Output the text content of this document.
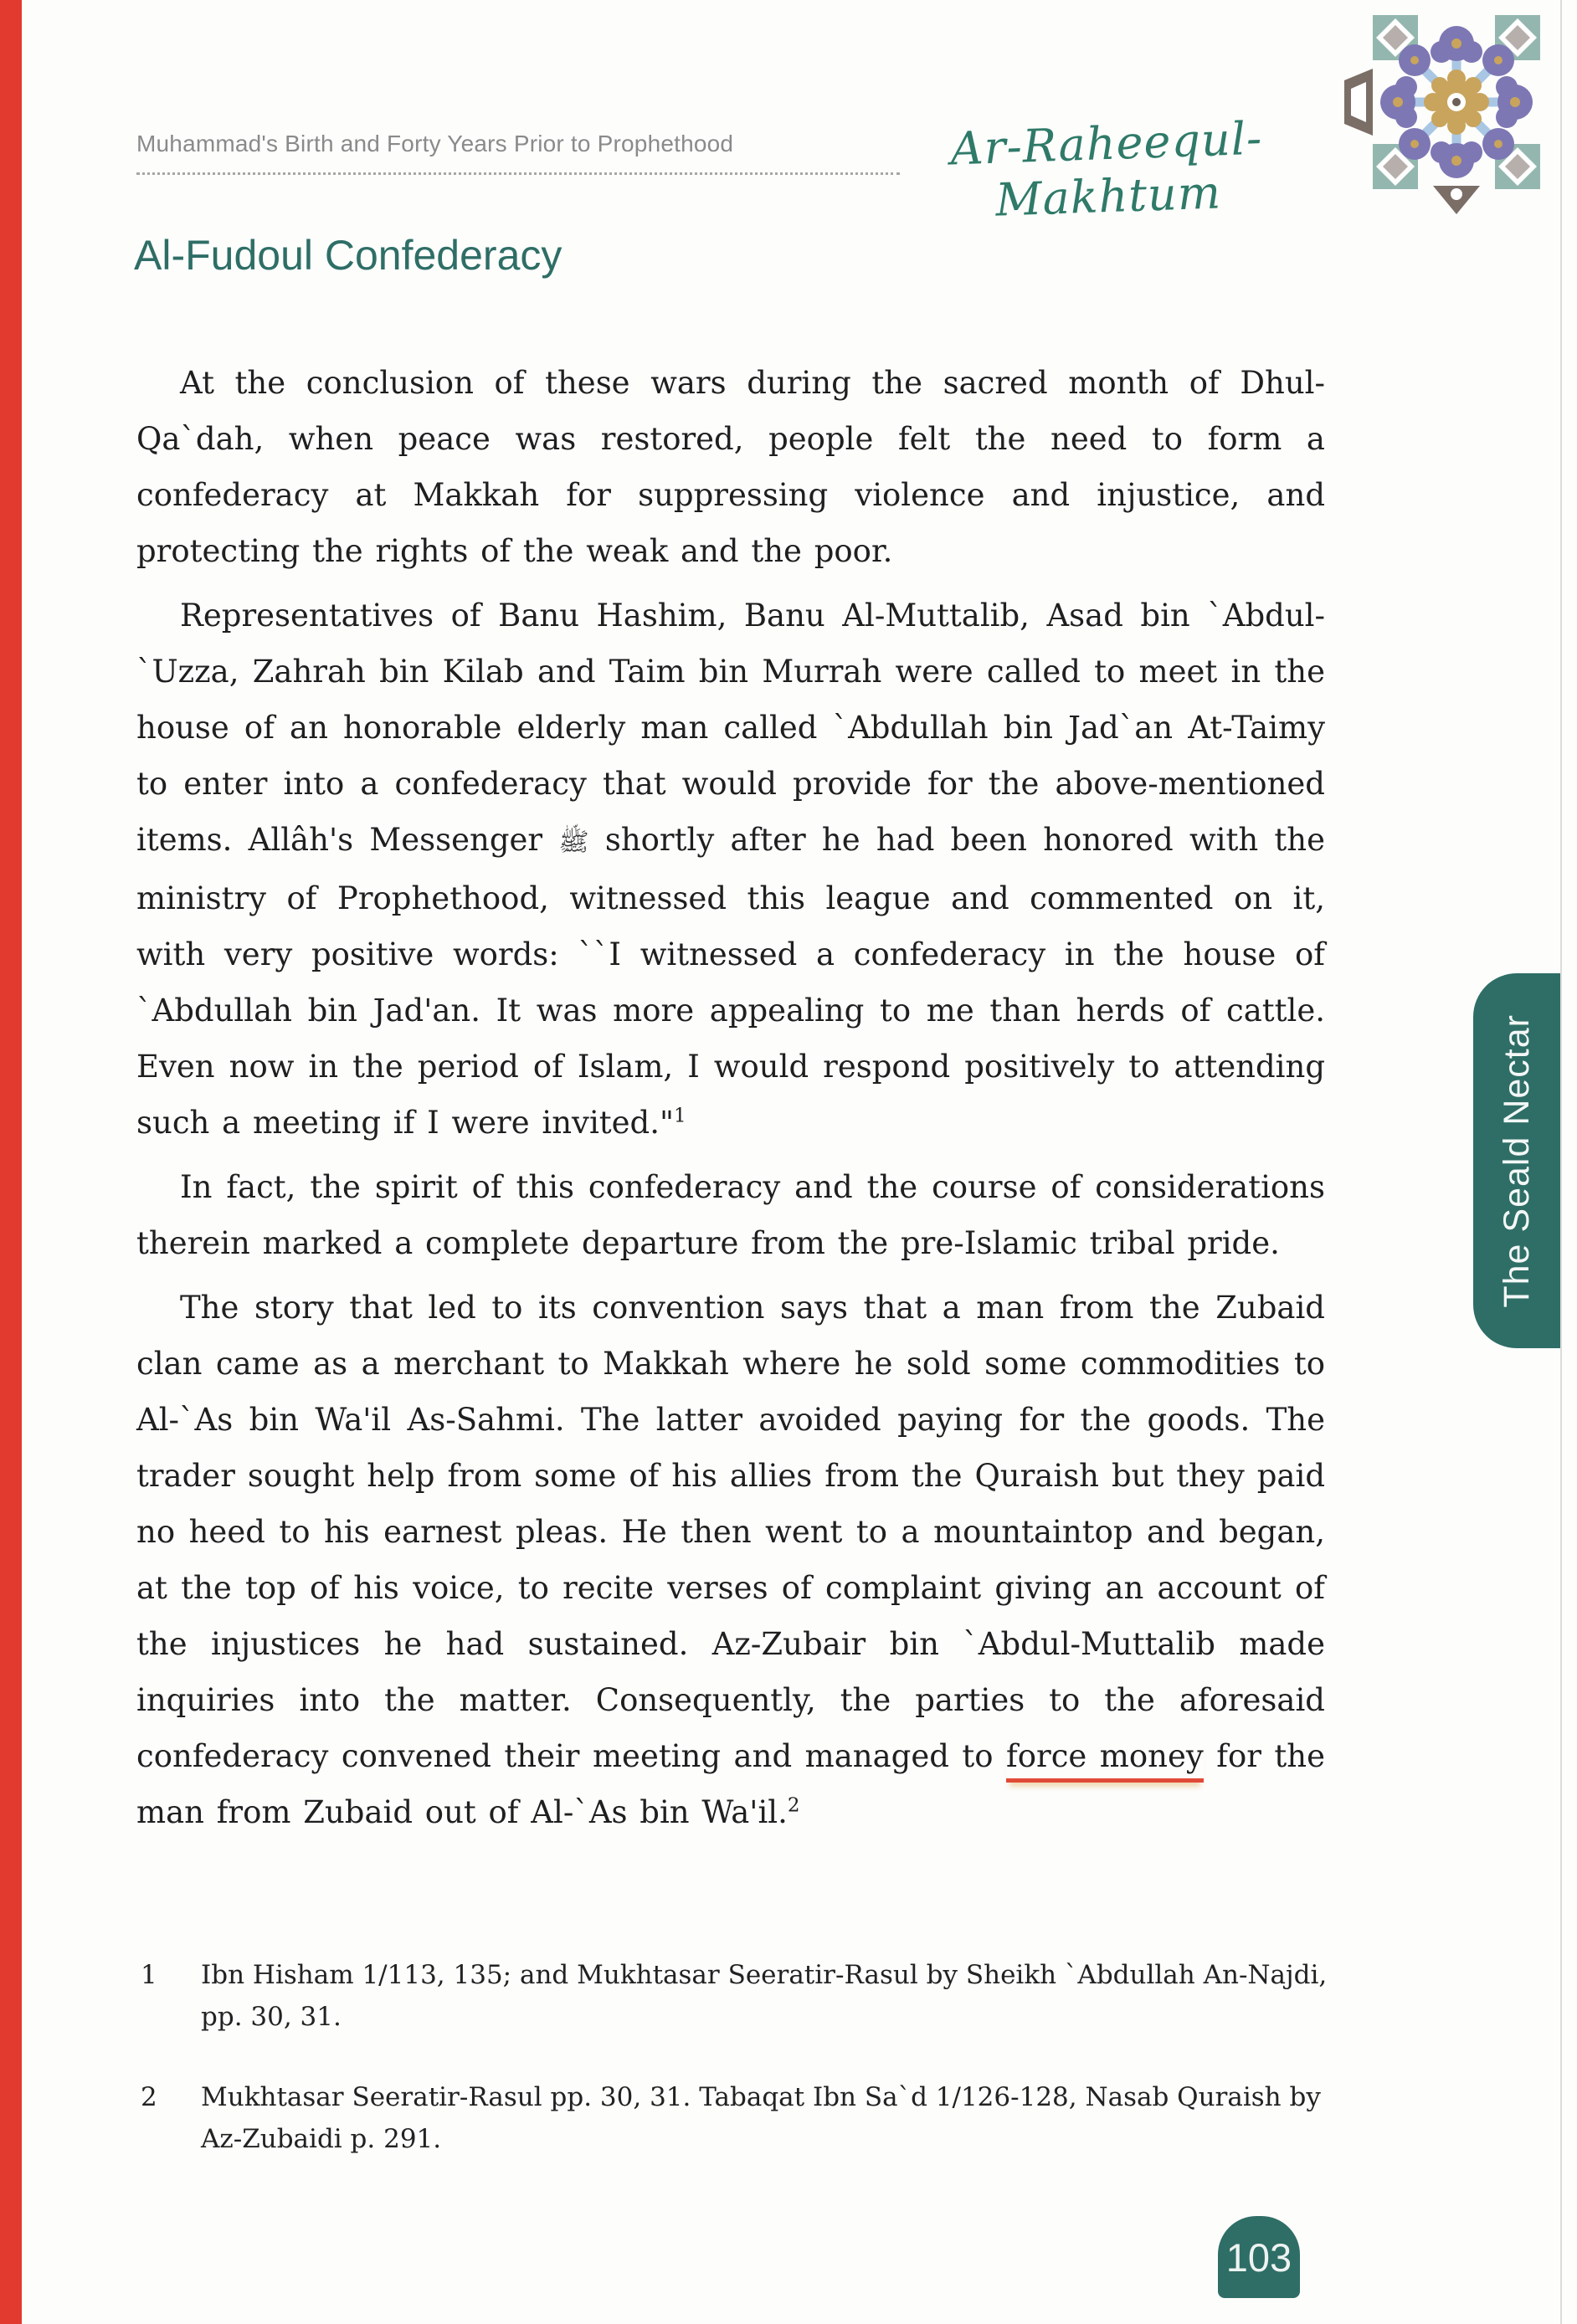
Muhammad's Birth and Forty Years Prior to Prophethood	Ar-Raheequl-Makhtum
Al-Fudoul Confederacy

At the conclusion of these wars during the sacred month of Dhul-Qa`dah, when peace was restored, people felt the need to form a confederacy at Makkah for suppressing violence and injustice, and protecting the rights of the weak and the poor.

Representatives of Banu Hashim, Banu Al-Muttalib, Asad bin `Abdul-`Uzza, Zahrah bin Kilab and Taim bin Murrah were called to meet in the house of an honorable elderly man called `Abdullah bin Jad`an At-Taimy to enter into a confederacy that would provide for the above-mentioned items. Allâh's Messenger ﷺ shortly after he had been honored with the ministry of Prophethood, witnessed this league and commented on it, with very positive words: ``I witnessed a confederacy in the house of `Abdullah bin Jad'an. It was more appealing to me than herds of cattle. Even now in the period of Islam, I would respond positively to attending such a meeting if I were invited."$^1$

In fact, the spirit of this confederacy and the course of considerations therein marked a complete departure from the pre-Islamic tribal pride.

The story that led to its convention says that a man from the Zubaid clan came as a merchant to Makkah where he sold some commodities to Al-`As bin Wa'il As-Sahmi. The latter avoided paying for the goods. The trader sought help from some of his allies from the Quraish but they paid no heed to his earnest pleas. He then went to a mountaintop and began, at the top of his voice, to recite verses of complaint giving an account of the injustices he had sustained. Az-Zubair bin `Abdul-Muttalib made inquiries into the matter. Consequently, the parties to the aforesaid confederacy convened their meeting and managed to force money for the man from Zubaid out of Al-`As bin Wa'il.$^2$

1	Ibn Hisham 1/113, 135; and Mukhtasar Seeratir-Rasul by Sheikh `Abdullah An-Najdi, pp. 30, 31.
2	Mukhtasar Seeratir-Rasul pp. 30, 31. Tabaqat Ibn Sa`d 1/126-128, Nasab Quraish by Az-Zubaidi p. 291.
The Seald Nectar
103
